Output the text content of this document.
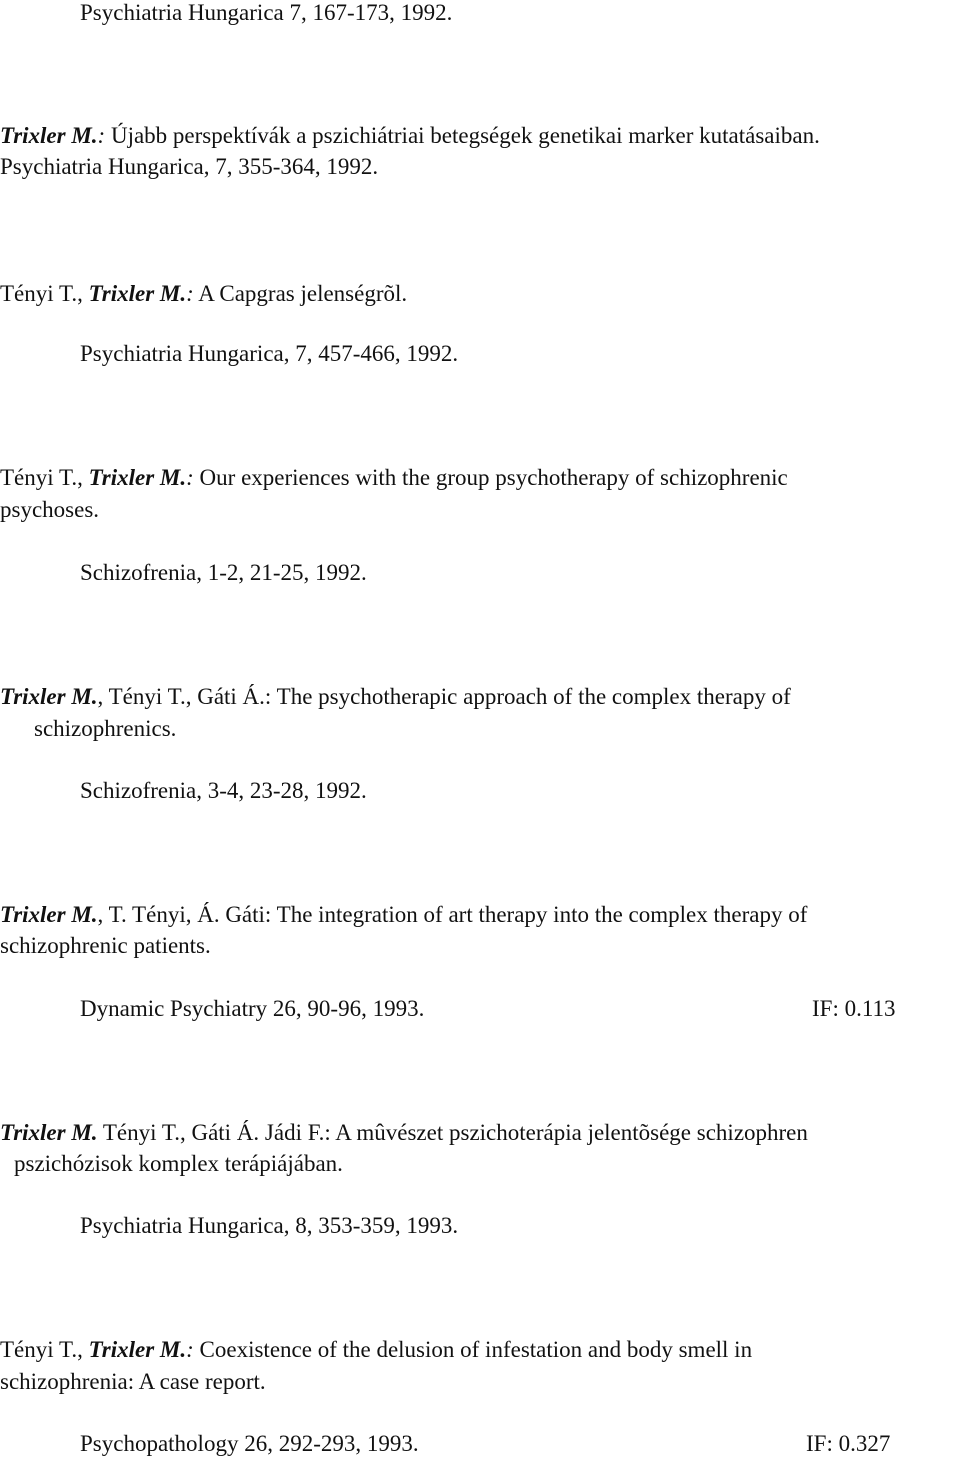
Psychiatria Hungarica 7, 167-173, 1992.
Trixler M.: Újabb perspektívák a pszichiátriai betegségek genetikai marker kutatásaiban.
Psychiatria Hungarica, 7, 355-364, 1992.
Tényi T., Trixler M.: A Capgras jelenségrõl.
Psychiatria Hungarica, 7, 457-466, 1992.
Tényi T., Trixler M.: Our experiences with the group psychotherapy of schizophrenic
psychoses.
Schizofrenia, 1-2, 21-25, 1992.
Trixler M., Tényi T., Gáti Á.: The psychotherapic approach of the complex therapy of
schizophrenics.
Schizofrenia, 3-4, 23-28, 1992.
Trixler M., T. Tényi, Á. Gáti: The integration of art therapy into the complex therapy of
schizophrenic patients.
Dynamic Psychiatry 26, 90-96, 1993.	IF: 0.113
Trixler M. Tényi T., Gáti Á. Jádi F.: A mûvészet pszichoterápia jelentõsége schizophren
pszichózisok komplex terápiájában.
Psychiatria Hungarica, 8, 353-359, 1993.
Tényi T., Trixler M.: Coexistence of the delusion of infestation and body smell in
schizophrenia: A case report.
Psychopathology 26, 292-293, 1993.	IF: 0.327
